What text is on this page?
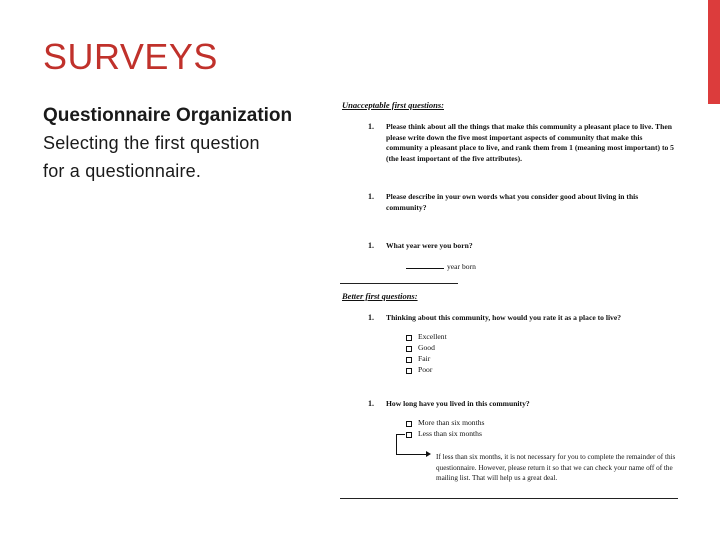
SURVEYS
Questionnaire Organization
Selecting the first question
for a questionnaire.
Unacceptable first questions:
1. Please think about all the things that make this community a pleasant place to live. Then please write down the five most important aspects of community that make this community a pleasant place to live, and rank them from 1 (meaning most important) to 5 (the least important of the five attributes).
1. Please describe in your own words what you consider good about living in this community?
1. What year were you born?
year born
Better first questions:
1. Thinking about this community, how would you rate it as a place to live?
Excellent
Good
Fair
Poor
1. How long have you lived in this community?
More than six months
Less than six months
If less than six months, it is not necessary for you to complete the remainder of this questionnaire. However, please return it so that we can check your name off of the mailing list. That will help us a great deal.
